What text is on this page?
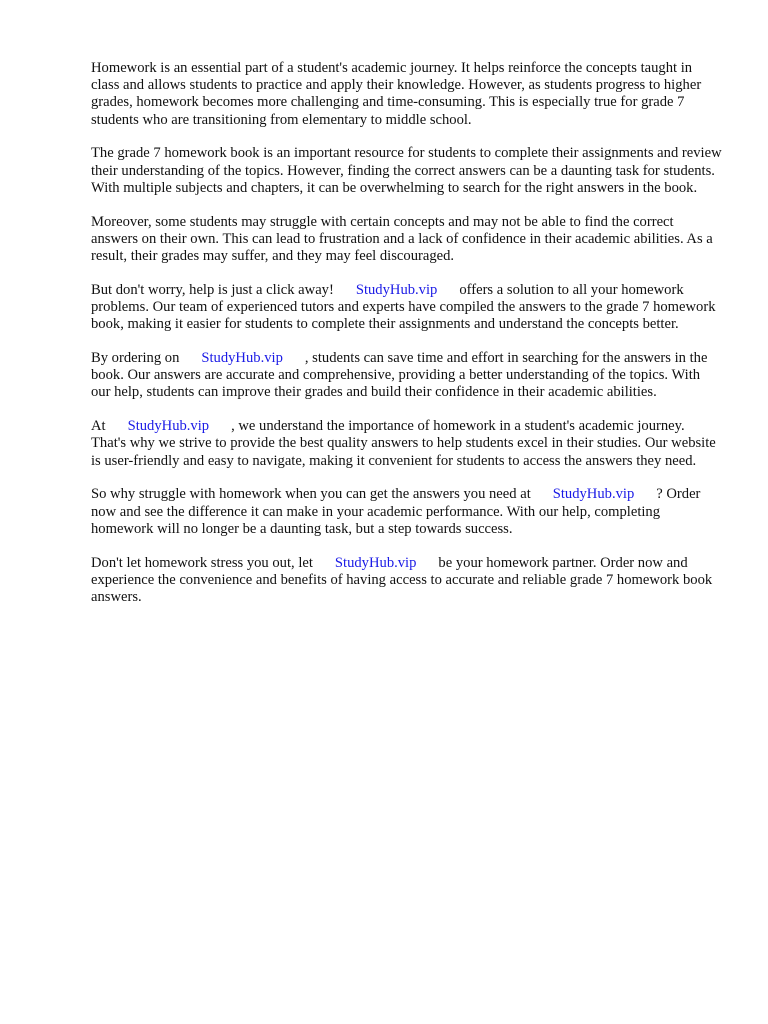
Homework is an essential part of a student's academic journey. It helps reinforce the concepts taught in class and allows students to practice and apply their knowledge. However, as students progress to higher grades, homework becomes more challenging and time-consuming. This is especially true for grade 7 students who are transitioning from elementary to middle school.

The grade 7 homework book is an important resource for students to complete their assignments and review their understanding of the topics. However, finding the correct answers can be a daunting task for students. With multiple subjects and chapters, it can be overwhelming to search for the right answers in the book.

Moreover, some students may struggle with certain concepts and may not be able to find the correct answers on their own. This can lead to frustration and a lack of confidence in their academic abilities. As a result, their grades may suffer, and they may feel discouraged.

But don't worry, help is just a click away! StudyHub.vip offers a solution to all your homework problems. Our team of experienced tutors and experts have compiled the answers to the grade 7 homework book, making it easier for students to complete their assignments and understand the concepts better.

By ordering on StudyHub.vip , students can save time and effort in searching for the answers in the book. Our answers are accurate and comprehensive, providing a better understanding of the topics. With our help, students can improve their grades and build their confidence in their academic abilities.

At StudyHub.vip , we understand the importance of homework in a student's academic journey. That's why we strive to provide the best quality answers to help students excel in their studies. Our website is user-friendly and easy to navigate, making it convenient for students to access the answers they need.

So why struggle with homework when you can get the answers you need at StudyHub.vip ? Order now and see the difference it can make in your academic performance. With our help, completing homework will no longer be a daunting task, but a step towards success.

Don't let homework stress you out, let StudyHub.vip be your homework partner. Order now and experience the convenience and benefits of having access to accurate and reliable grade 7 homework book answers.
